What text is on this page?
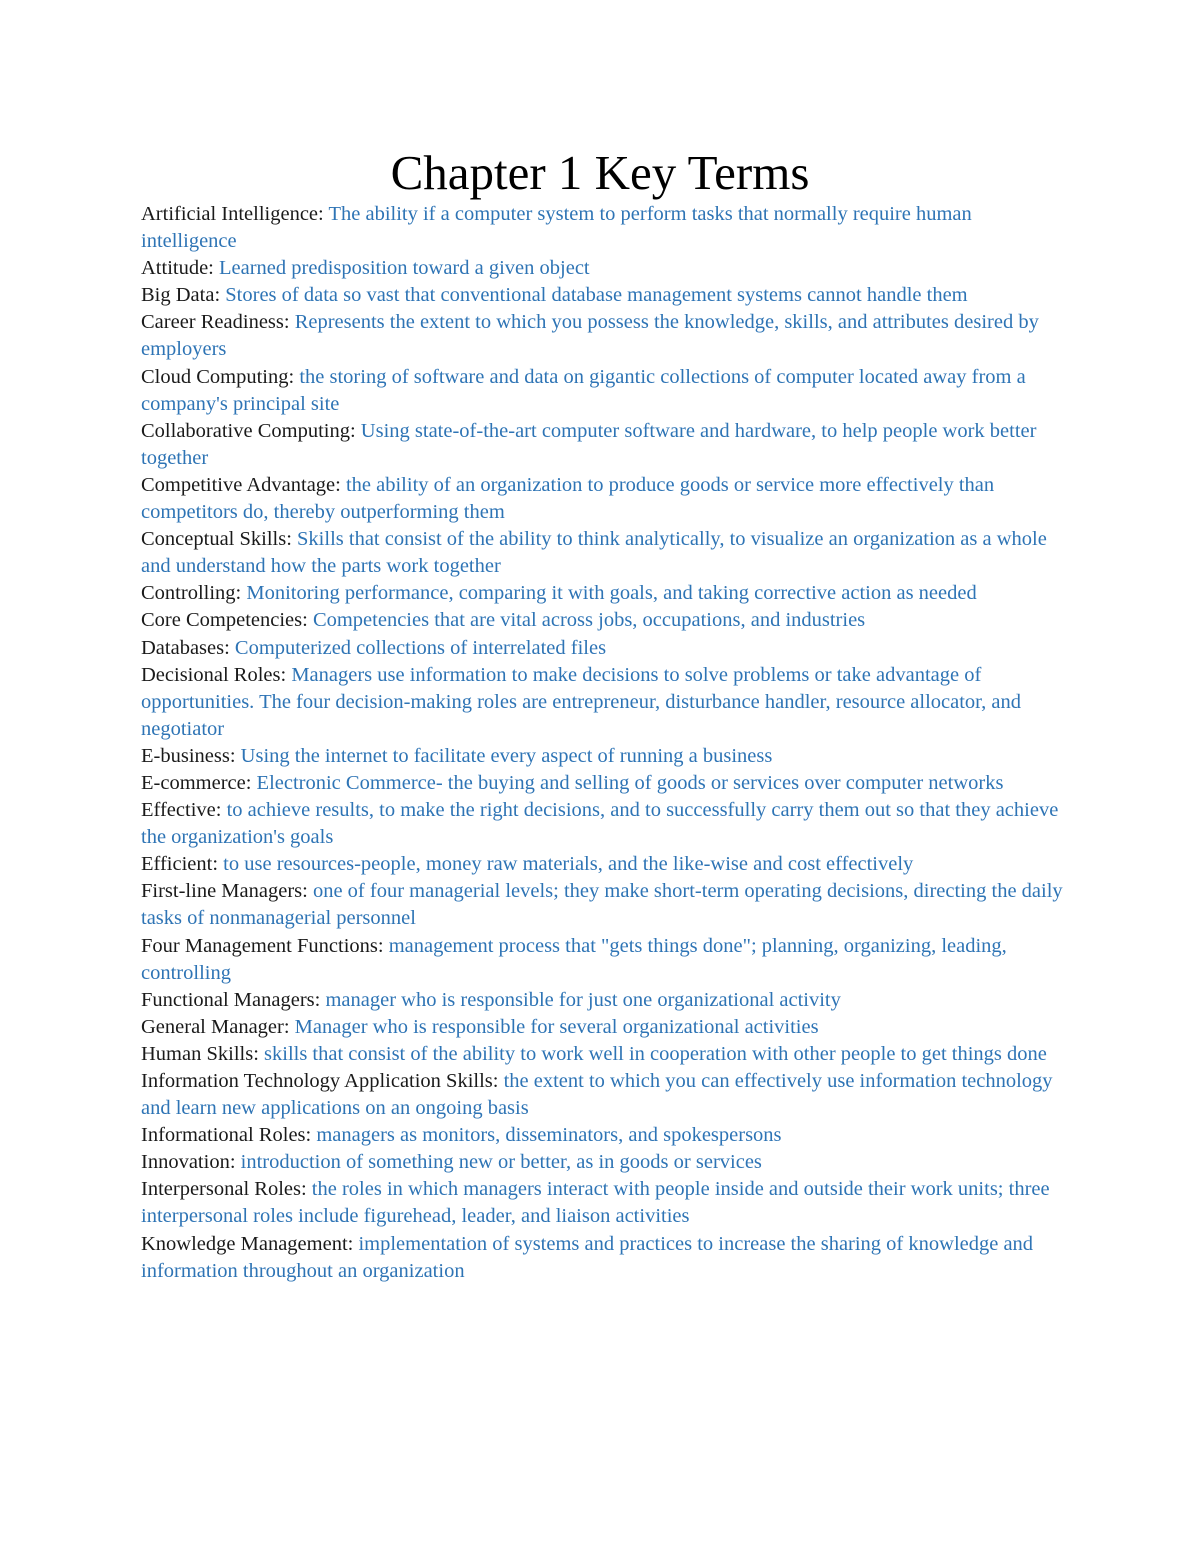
Chapter 1 Key Terms
Artificial Intelligence: The ability if a computer system to perform tasks that normally require human intelligence
Attitude: Learned predisposition toward a given object
Big Data: Stores of data so vast that conventional database management systems cannot handle them
Career Readiness: Represents the extent to which you possess the knowledge, skills, and attributes desired by employers
Cloud Computing: the storing of software and data on gigantic collections of computer located away from a company's principal site
Collaborative Computing: Using state-of-the-art computer software and hardware, to help people work better together
Competitive Advantage: the ability of an organization to produce goods or service more effectively than competitors do, thereby outperforming them
Conceptual Skills: Skills that consist of the ability to think analytically, to visualize an organization as a whole and understand how the parts work together
Controlling: Monitoring performance, comparing it with goals, and taking corrective action as needed
Core Competencies: Competencies that are vital across jobs, occupations, and industries
Databases: Computerized collections of interrelated files
Decisional Roles: Managers use information to make decisions to solve problems or take advantage of opportunities. The four decision-making roles are entrepreneur, disturbance handler, resource allocator, and negotiator
E-business: Using the internet to facilitate every aspect of running a business
E-commerce: Electronic Commerce- the buying and selling of goods or services over computer networks
Effective: to achieve results, to make the right decisions, and to successfully carry them out so that they achieve the organization's goals
Efficient: to use resources-people, money raw materials, and the like-wise and cost effectively
First-line Managers: one of four managerial levels; they make short-term operating decisions, directing the daily tasks of nonmanagerial personnel
Four Management Functions: management process that "gets things done"; planning, organizing, leading, controlling
Functional Managers: manager who is responsible for just one organizational activity
General Manager: Manager who is responsible for several organizational activities
Human Skills: skills that consist of the ability to work well in cooperation with other people to get things done
Information Technology Application Skills: the extent to which you can effectively use information technology and learn new applications on an ongoing basis
Informational Roles: managers as monitors, disseminators, and spokespersons
Innovation: introduction of something new or better, as in goods or services
Interpersonal Roles: the roles in which managers interact with people inside and outside their work units; three interpersonal roles include figurehead, leader, and liaison activities
Knowledge Management: implementation of systems and practices to increase the sharing of knowledge and information throughout an organization
